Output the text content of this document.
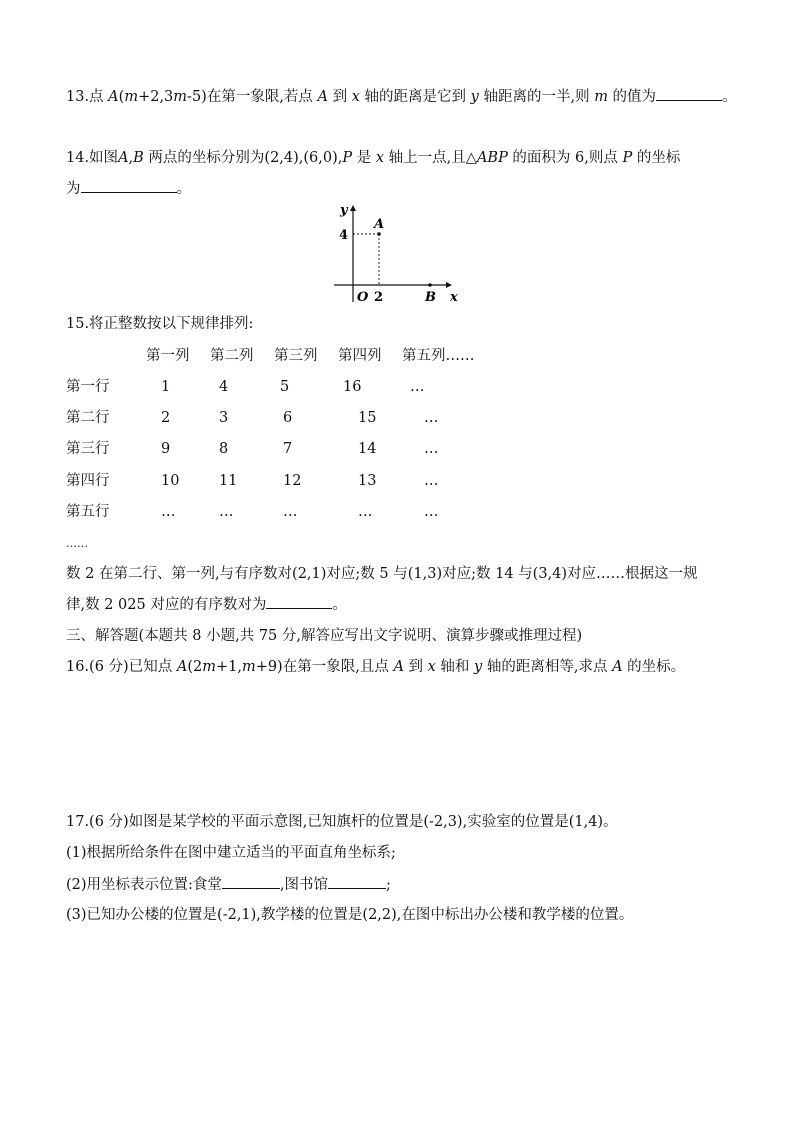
13.点 A(m+2,3m-5)在第一象限,若点 A 到 x 轴的距离是它到 y 轴距离的一半,则 m 的值为	。
14.如图A,B 两点的坐标分别为(2,4),(6,0),P 是 x 轴上一点,且△ABP 的面积为 6,则点 P 的坐标
为	。
y
x
O
4
2
A
B
15.将正整数按以下规律排列:
第一列 第二列 第三列 第四列 第五列……
第一行	1	4	5	16	…
第二行	2	3	6	15	…
第三行	9	8	7	14	…
第四行	10	11	12	13	…
第五行	…	…	…	…	…
……
数 2 在第二行、第一列,与有序数对(2,1)对应;数 5 与(1,3)对应;数 14 与(3,4)对应……根据这一规
律,数 2 025 对应的有序数对为	。
三、解答题(本题共 8 小题,共 75 分,解答应写出文字说明、演算步骤或推理过程)
16.(6 分)已知点 A(2m+1,m+9)在第一象限,且点 A 到 x 轴和 y 轴的距离相等,求点 A 的坐标。
17.(6 分)如图是某学校的平面示意图,已知旗杆的位置是(-2,3),实验室的位置是(1,4)。
(1)根据所给条件在图中建立适当的平面直角坐标系;
(2)用坐标表示位置:食堂	,图书馆	;
(3)已知办公楼的位置是(-2,1),教学楼的位置是(2,2),在图中标出办公楼和教学楼的位置。
